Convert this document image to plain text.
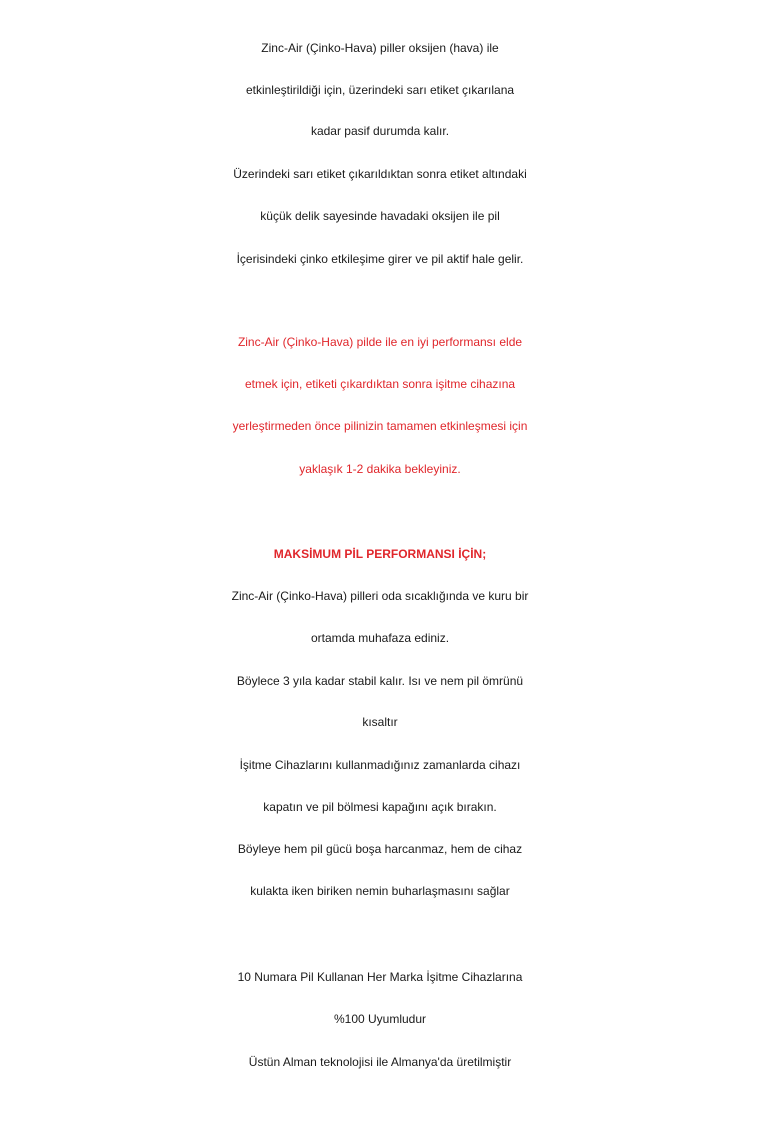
Zinc-Air (Çinko-Hava) piller oksijen (hava) ile
etkinleştirildiği için, üzerindeki sarı etiket çıkarılana
kadar pasif durumda kalır.
Üzerindeki sarı etiket çıkarıldıktan sonra etiket altındaki
küçük delik sayesinde havadaki oksijen ile pil
İçerisindeki çinko etkileşime girer ve pil aktif hale gelir.
Zinc-Air (Çinko-Hava) pilde ile en iyi performansı elde
etmek için, etiketi çıkardıktan sonra işitme cihazına
yerleştirmeden önce pilinizin tamamen etkinleşmesi için
yaklaşık 1-2 dakika bekleyiniz.
MAKSİMUM PİL PERFORMANSI İÇİN;
Zinc-Air (Çinko-Hava) pilleri oda sıcaklığında ve kuru bir
ortamda muhafaza ediniz.
Böylece 3 yıla kadar stabil kalır. Isı ve nem pil ömrünü
kısaltır
İşitme Cihazlarını kullanmadığınız zamanlarda cihazı
kapatın ve pil bölmesi kapağını açık bırakın.
Böyleye hem pil gücü boşa harcanmaz, hem de cihaz
kulakta iken biriken nemin buharlaşmasını sağlar
10 Numara Pil Kullanan Her Marka İşitme Cihazlarına
%100 Uyumludur
Üstün Alman teknolojisi ile Almanya'da üretilmiştir
